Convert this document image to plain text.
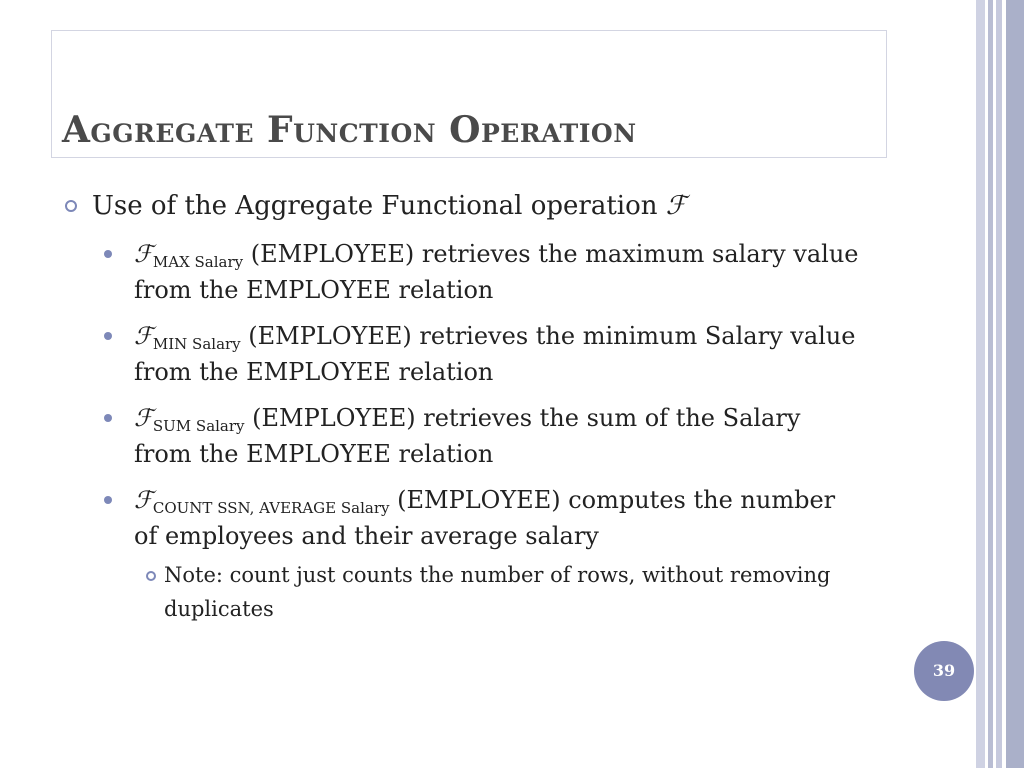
Aggregate Function Operation
Use of the Aggregate Functional operation ℱ
ℱ$_{MAX Salary}$ (EMPLOYEE) retrieves the maximum salary value from the EMPLOYEE relation
ℱ$_{MIN Salary}$ (EMPLOYEE) retrieves the minimum Salary value from the EMPLOYEE relation
ℱ$_{SUM Salary}$ (EMPLOYEE) retrieves the sum of the Salary from the EMPLOYEE relation
ℱ$_{COUNT SSN, AVERAGE Salary}$ (EMPLOYEE) computes the number of employees and their average salary
Note: count just counts the number of rows, without removing duplicates
39
